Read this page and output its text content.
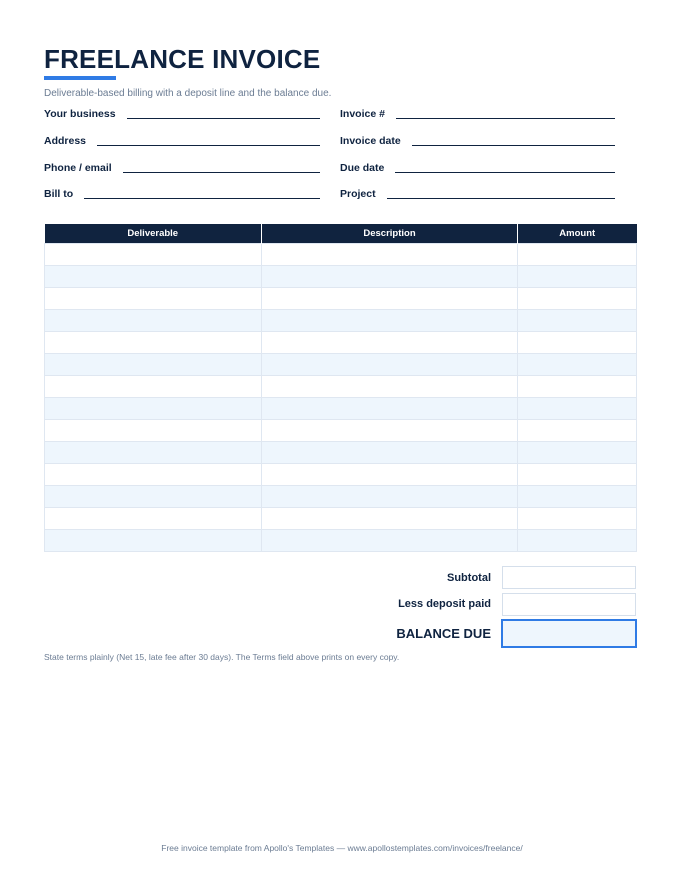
FREELANCE INVOICE
Deliverable-based billing with a deposit line and the balance due.
Your business
Address
Phone / email
Bill to
Invoice #
Invoice date
Due date
Project
Deliverable	Description	Amount

Subtotal
Less deposit paid
BALANCE DUE
State terms plainly (Net 15, late fee after 30 days). The Terms field above prints on every copy.
Free invoice template from Apollo's Templates — www.apollostemplates.com/invoices/freelance/
